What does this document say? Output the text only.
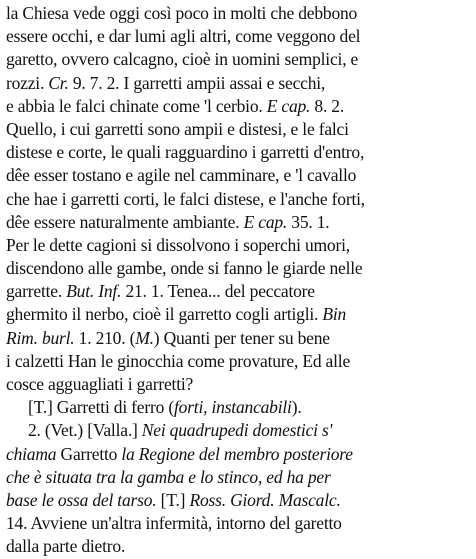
la Chiesa vede oggi così poco in molti che debbono
essere occhi, e dar lumi agli altri, come veggono del
garetto, ovvero calcagno, cioè in uomini semplici, e
rozzi. Cr. 9. 7. 2. I garretti ampii assai e secchi,
e abbia le falci chinate come 'l cerbio. E cap. 8. 2.
Quello, i cui garretti sono ampii e distesi, e le falci
distese e corte, le quali ragguardino i garretti d'entro,
dêe esser tostano e agile nel camminare, e 'l cavallo
che hae i garretti corti, le falci distese, e l'anche forti,
dêe essere naturalmente ambiante. E cap. 35. 1.
Per le dette cagioni si dissolvono i soperchi umori,
discendono alle gambe, onde si fanno le giarde nelle
garrette. But. Inf. 21. 1. Tenea... del peccatore
ghermito il nerbo, cioè il garretto cogli artigli. Bin
Rim. burl. 1. 210. (M.) Quanti per tener su bene
i calzetti Han le ginocchia come provature, Ed alle
cosce agguagliati i garretti?
[T.] Garretti di ferro (forti, instancabili).
2. (Vet.) [Valla.] Nei quadrupedi domestici s'
chiama Garretto la Regione del membro posteriore
che è situata tra la gamba e lo stinco, ed ha per
base le ossa del tarso. [T.] Ross. Giord. Mascalc.
14. Avviene un'altra infermità, intorno del garetto
dalla parte dietro.
